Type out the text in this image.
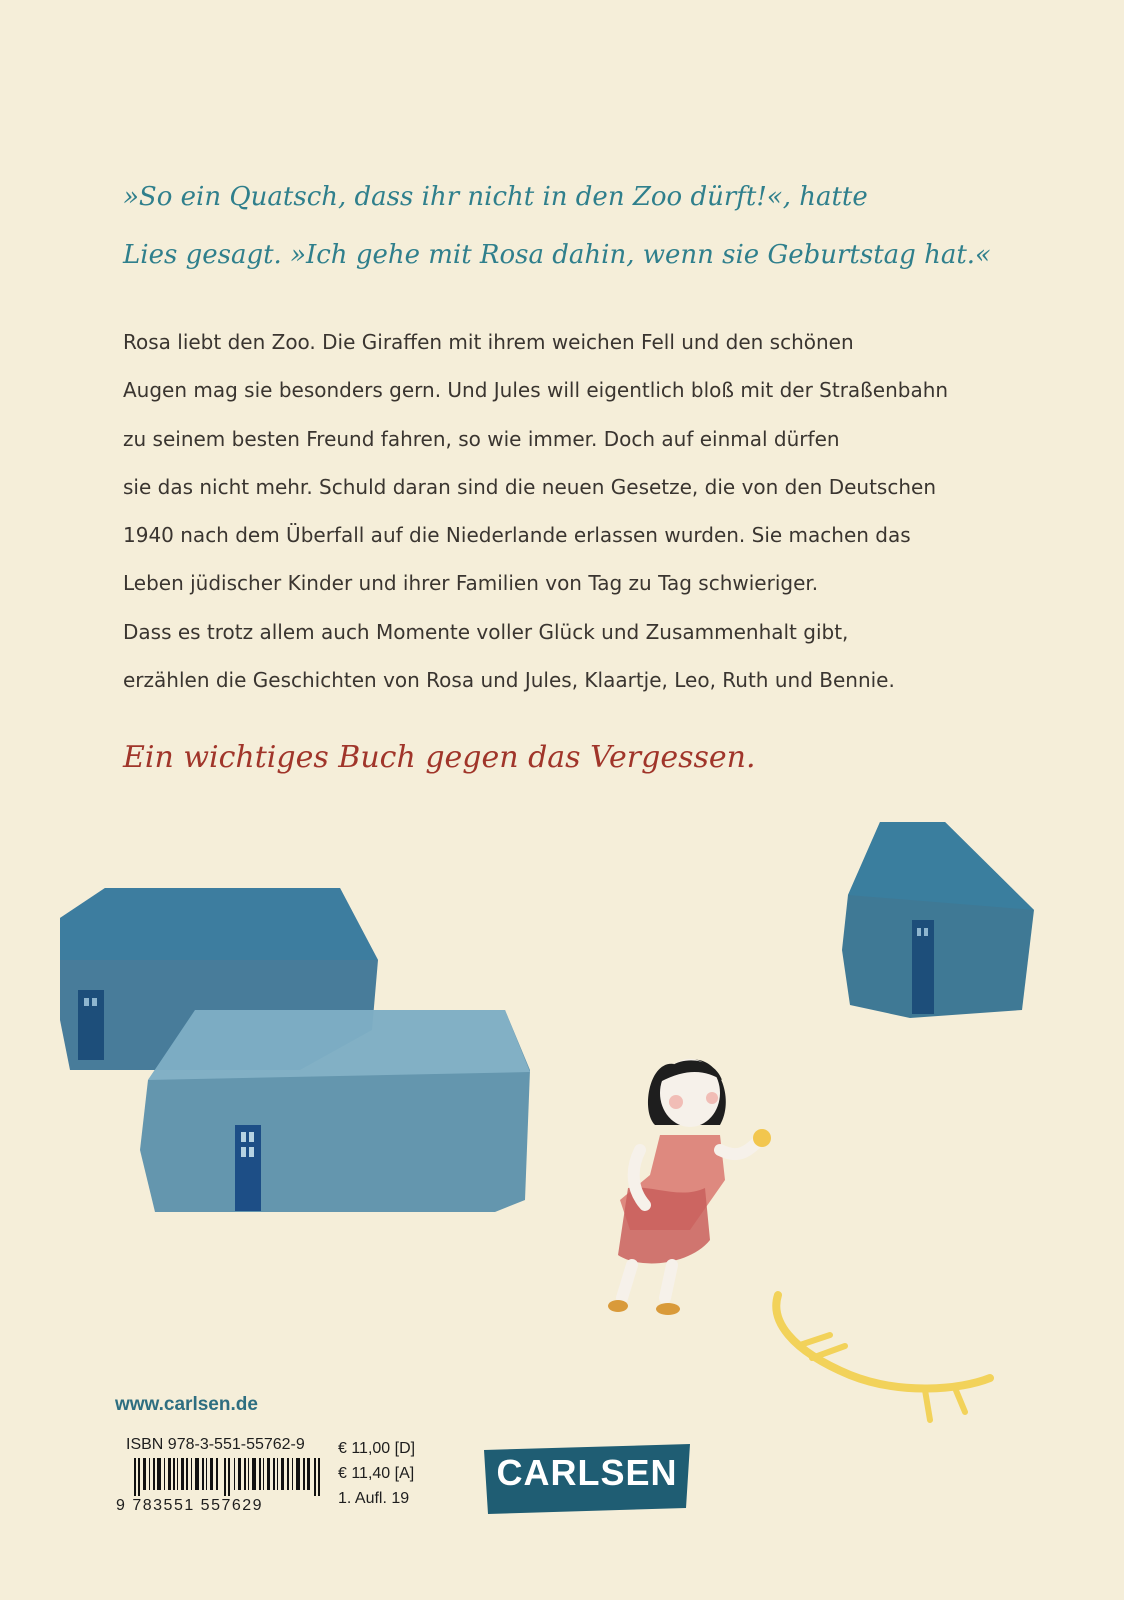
»So ein Quatsch, dass ihr nicht in den Zoo dürft!«, hatte
Lies gesagt. »Ich gehe mit Rosa dahin, wenn sie Geburtstag hat.«
Rosa liebt den Zoo. Die Giraffen mit ihrem weichen Fell und den schönen
Augen mag sie besonders gern. Und Jules will eigentlich bloß mit der Straßenbahn
zu seinem besten Freund fahren, so wie immer. Doch auf einmal dürfen
sie das nicht mehr. Schuld daran sind die neuen Gesetze, die von den Deutschen
1940 nach dem Überfall auf die Niederlande erlassen wurden. Sie machen das
Leben jüdischer Kinder und ihrer Familien von Tag zu Tag schwieriger.
Dass es trotz allem auch Momente voller Glück und Zusammenhalt gibt,
erzählen die Geschichten von Rosa und Jules, Klaartje, Leo, Ruth und Bennie.
Ein wichtiges Buch gegen das Vergessen.
www.carlsen.de
ISBN 978-3-551-55762-9
9 783551 557629
€ 11,00 [D]
€ 11,40 [A]
1. Aufl. 19
CARLSEN
